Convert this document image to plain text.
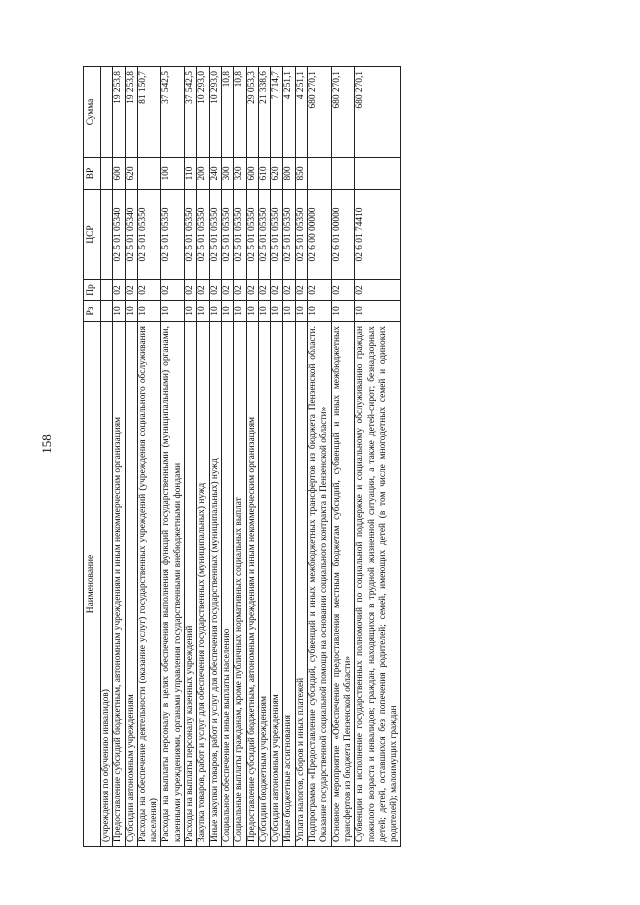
158
Наименование	Рз	Пр	ЦСР	ВР	Сумма
(учреждения по обучению инвалидов)					
Предоставление субсидий бюджетным, автономным учреждениям и иным некоммерческим организациям	10	02	02 5 01 05340	600	19 253,8
Субсидии автономным учреждениям	10	02	02 5 01 05340	620	19 253,8
Расходы на обеспечение деятельности (оказание услуг) государственных учреждений (учреждения социального обслуживания населения)	10	02	02 5 01 05350		81 150,7
Расходы на выплаты персоналу в целях обеспечения выполнения функций государственными (муниципальными) органами, казенными учреждениями, органами управления государственными внебюджетными фондами	10	02	02 5 01 05350	100	37 542,5
Расходы на выплаты персоналу казенных учреждений	10	02	02 5 01 05350	110	37 542,5
Закупка товаров, работ и услуг для обеспечения государственных (муниципальных) нужд	10	02	02 5 01 05350	200	10 293,0
Иные закупки товаров, работ и услуг для обеспечения государственных (муниципальных) нужд	10	02	02 5 01 05350	240	10 293,0
Социальное обеспечение и иные выплаты населению	10	02	02 5 01 05350	300	10,8
Социальные выплаты гражданам, кроме публичных нормативных социальных выплат	10	02	02 5 01 05350	320	10,8
Предоставление субсидий бюджетным, автономным учреждениям и иным некоммерческим организациям	10	02	02 5 01 05350	600	29 053,3
Субсидии бюджетным учреждениям	10	02	02 5 01 05350	610	21 338,6
Субсидии автономным учреждениям	10	02	02 5 01 05350	620	7 714,7
Иные бюджетные ассигнования	10	02	02 5 01 05350	800	4 251,1
Уплата налогов, сборов и иных платежей	10	02	02 5 01 05350	850	4 251,1
Подпрограмма «Предоставление субсидий, субвенций и иных межбюджетных трансфертов из бюджета Пензенской области. Оказание государственной социальной помощи на основании социального контракта в Пензенской области»	10	02	02 6 00 00000		680 270,1
Основное мероприятие «Обеспечение предоставления местным бюджетам субсидий, субвенций и иных межбюджетных трансфертов из бюджета Пензенской области»	10	02	02 6 01 00000		680 270,1
Субвенции на исполнение государственных полномочий по социальной поддержке и социальному обслуживанию граждан пожилого возраста и инвалидов; граждан, находящихся в трудной жизненной ситуации, а также детей-сирот; безнадзорных детей; детей, оставшихся без попечения родителей; семей, имеющих детей (в том числе многодетных семей и одиноких родителей); малоимущих граждан	10	02	02 6 01 74410		680 270,1
